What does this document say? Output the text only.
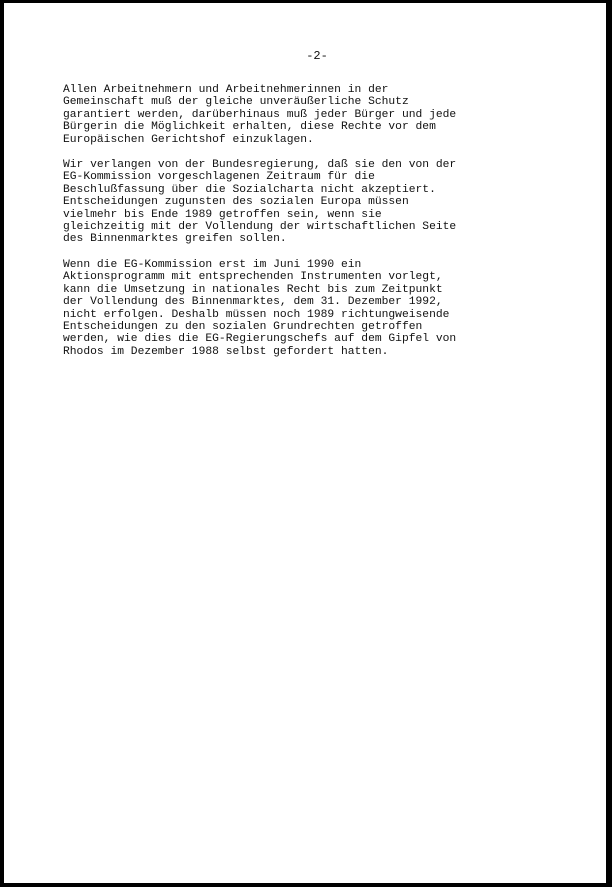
-2-

Allen Arbeitnehmern und Arbeitnehmerinnen in der
Gemeinschaft muß der gleiche unveräußerliche Schutz
garantiert werden, darüberhinaus muß jeder Bürger und jede
Bürgerin die Möglichkeit erhalten, diese Rechte vor dem
Europäischen Gerichtshof einzuklagen.

Wir verlangen von der Bundesregierung, daß sie den von der
EG-Kommission vorgeschlagenen Zeitraum für die
Beschlußfassung über die Sozialcharta nicht akzeptiert.
Entscheidungen zugunsten des sozialen Europa müssen
vielmehr bis Ende 1989 getroffen sein, wenn sie
gleichzeitig mit der Vollendung der wirtschaftlichen Seite
des Binnenmarktes greifen sollen.

Wenn die EG-Kommission erst im Juni 1990 ein
Aktionsprogramm mit entsprechenden Instrumenten vorlegt,
kann die Umsetzung in nationales Recht bis zum Zeitpunkt
der Vollendung des Binnenmarktes, dem 31. Dezember 1992,
nicht erfolgen. Deshalb müssen noch 1989 richtungweisende
Entscheidungen zu den sozialen Grundrechten getroffen
werden, wie dies die EG-Regierungschefs auf dem Gipfel von
Rhodos im Dezember 1988 selbst gefordert hatten.
